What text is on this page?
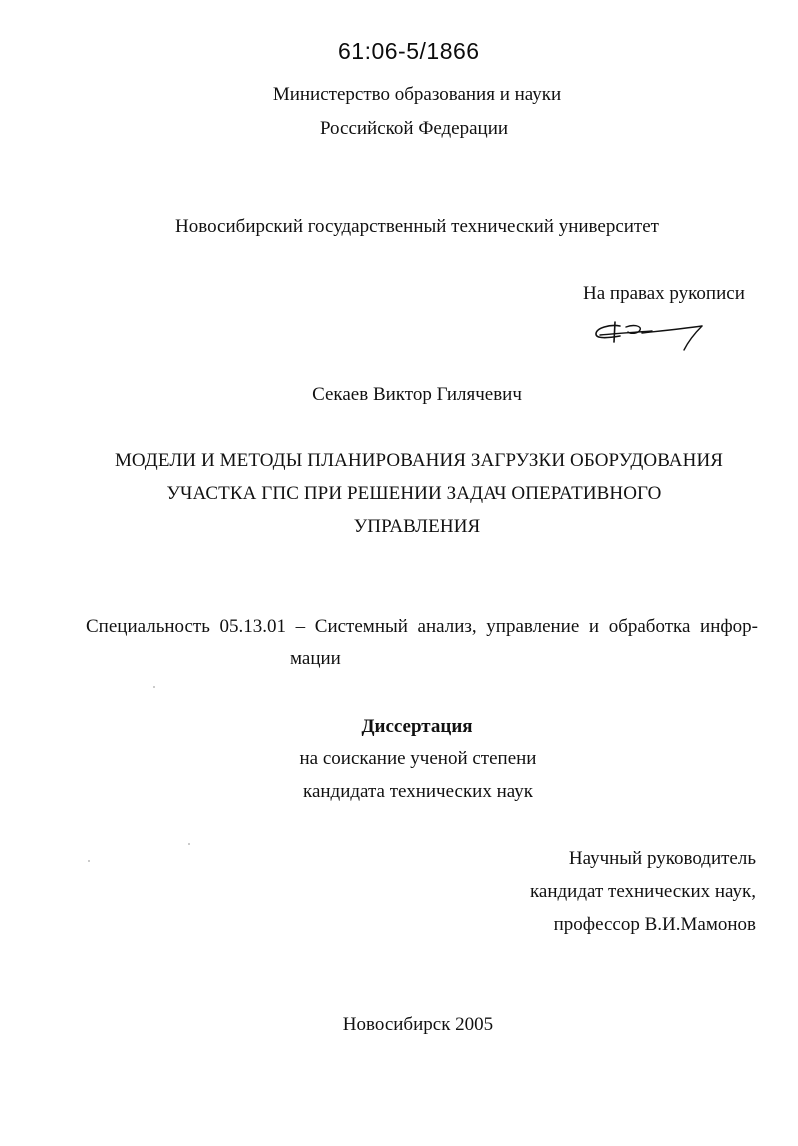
61:06-5/1866
Министерство образования и науки
Российской Федерации
Новосибирский государственный технический университет
На правах рукописи
Секаев Виктор Гилячевич
МОДЕЛИ И МЕТОДЫ ПЛАНИРОВАНИЯ ЗАГРУЗКИ ОБОРУДОВАНИЯ
УЧАСТКА ГПС ПРИ РЕШЕНИИ ЗАДАЧ ОПЕРАТИВНОГО
УПРАВЛЕНИЯ
Специальность 05.13.01 – Системный анализ, управление и обработка инфор-
мации
Диссертация
на соискание ученой степени
кандидата технических наук
Научный руководитель
кандидат технических наук,
профессор В.И.Мамонов
Новосибирск 2005
